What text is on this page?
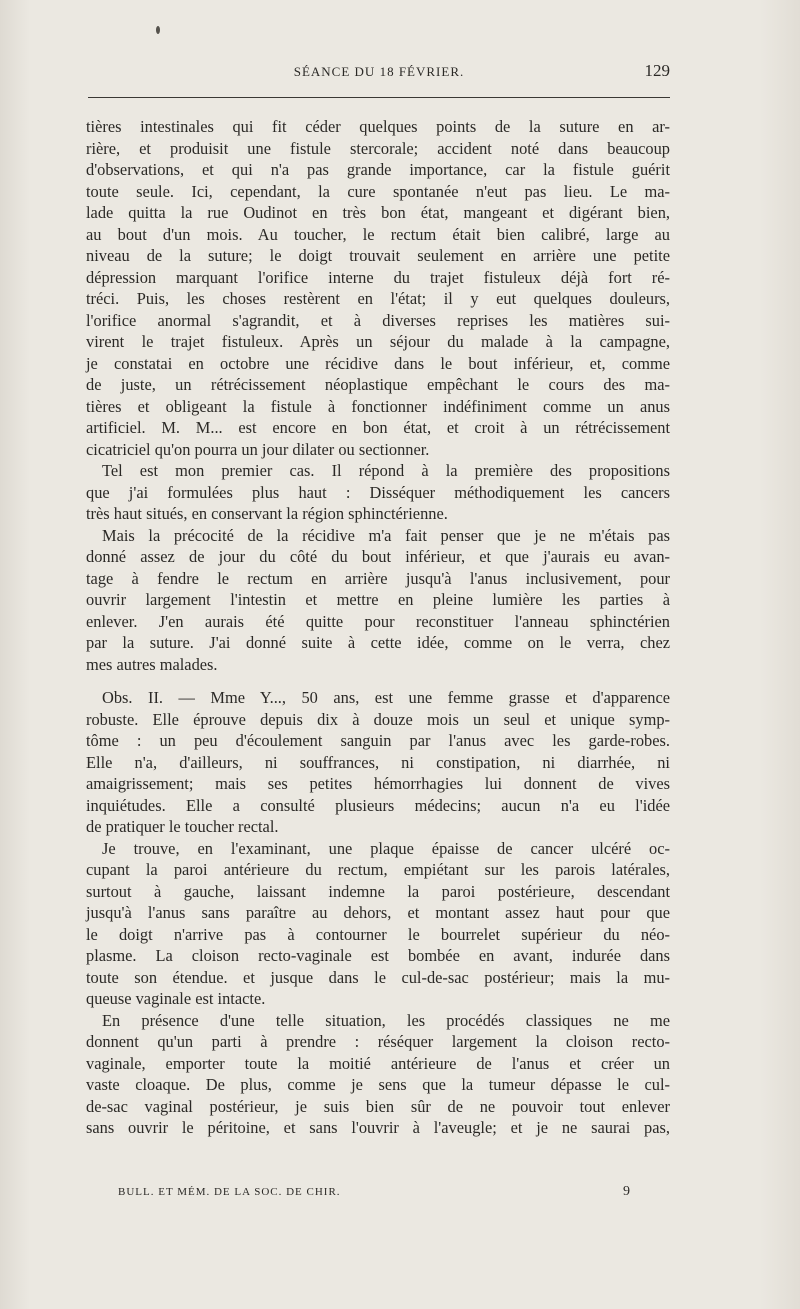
SÉANCE DU 18 FÉVRIER.	129
tières intestinales qui fit céder quelques points de la suture en ar-
rière, et produisit une fistule stercorale; accident noté dans beaucoup
d'observations, et qui n'a pas grande importance, car la fistule guérit
toute seule. Ici, cependant, la cure spontanée n'eut pas lieu. Le ma-
lade quitta la rue Oudinot en très bon état, mangeant et digérant bien,
au bout d'un mois. Au toucher, le rectum était bien calibré, large au
niveau de la suture; le doigt trouvait seulement en arrière une petite
dépression marquant l'orifice interne du trajet fistuleux déjà fort ré-
tréci. Puis, les choses restèrent en l'état; il y eut quelques douleurs,
l'orifice anormal s'agrandit, et à diverses reprises les matières sui-
virent le trajet fistuleux. Après un séjour du malade à la campagne,
je constatai en octobre une récidive dans le bout inférieur, et, comme
de juste, un rétrécissement néoplastique empêchant le cours des ma-
tières et obligeant la fistule à fonctionner indéfiniment comme un anus
artificiel. M. M... est encore en bon état, et croit à un rétrécissement
cicatriciel qu'on pourra un jour dilater ou sectionner.
Tel est mon premier cas. Il répond à la première des propositions
que j'ai formulées plus haut : Disséquer méthodiquement les cancers
très haut situés, en conservant la région sphinctérienne.
Mais la précocité de la récidive m'a fait penser que je ne m'étais pas
donné assez de jour du côté du bout inférieur, et que j'aurais eu avan-
tage à fendre le rectum en arrière jusqu'à l'anus inclusivement, pour
ouvrir largement l'intestin et mettre en pleine lumière les parties à
enlever. J'en aurais été quitte pour reconstituer l'anneau sphinctérien
par la suture. J'ai donné suite à cette idée, comme on le verra, chez
mes autres malades.
Obs. II. — Mme Y..., 50 ans, est une femme grasse et d'apparence
robuste. Elle éprouve depuis dix à douze mois un seul et unique symp-
tôme : un peu d'écoulement sanguin par l'anus avec les garde-robes.
Elle n'a, d'ailleurs, ni souffrances, ni constipation, ni diarrhée, ni
amaigrissement; mais ses petites hémorrhagies lui donnent de vives
inquiétudes. Elle a consulté plusieurs médecins; aucun n'a eu l'idée
de pratiquer le toucher rectal.
Je trouve, en l'examinant, une plaque épaisse de cancer ulcéré oc-
cupant la paroi antérieure du rectum, empiétant sur les parois latérales,
surtout à gauche, laissant indemne la paroi postérieure, descendant
jusqu'à l'anus sans paraître au dehors, et montant assez haut pour que
le doigt n'arrive pas à contourner le bourrelet supérieur du néo-
plasme. La cloison recto-vaginale est bombée en avant, indurée dans
toute son étendue. et jusque dans le cul-de-sac postérieur; mais la mu-
queuse vaginale est intacte.
En présence d'une telle situation, les procédés classiques ne me
donnent qu'un parti à prendre : réséquer largement la cloison recto-
vaginale, emporter toute la moitié antérieure de l'anus et créer un
vaste cloaque. De plus, comme je sens que la tumeur dépasse le cul-
de-sac vaginal postérieur, je suis bien sûr de ne pouvoir tout enlever
sans ouvrir le péritoine, et sans l'ouvrir à l'aveugle; et je ne saurai pas,
BULL. ET MÉM. DE LA SOC. DE CHIR.	9
